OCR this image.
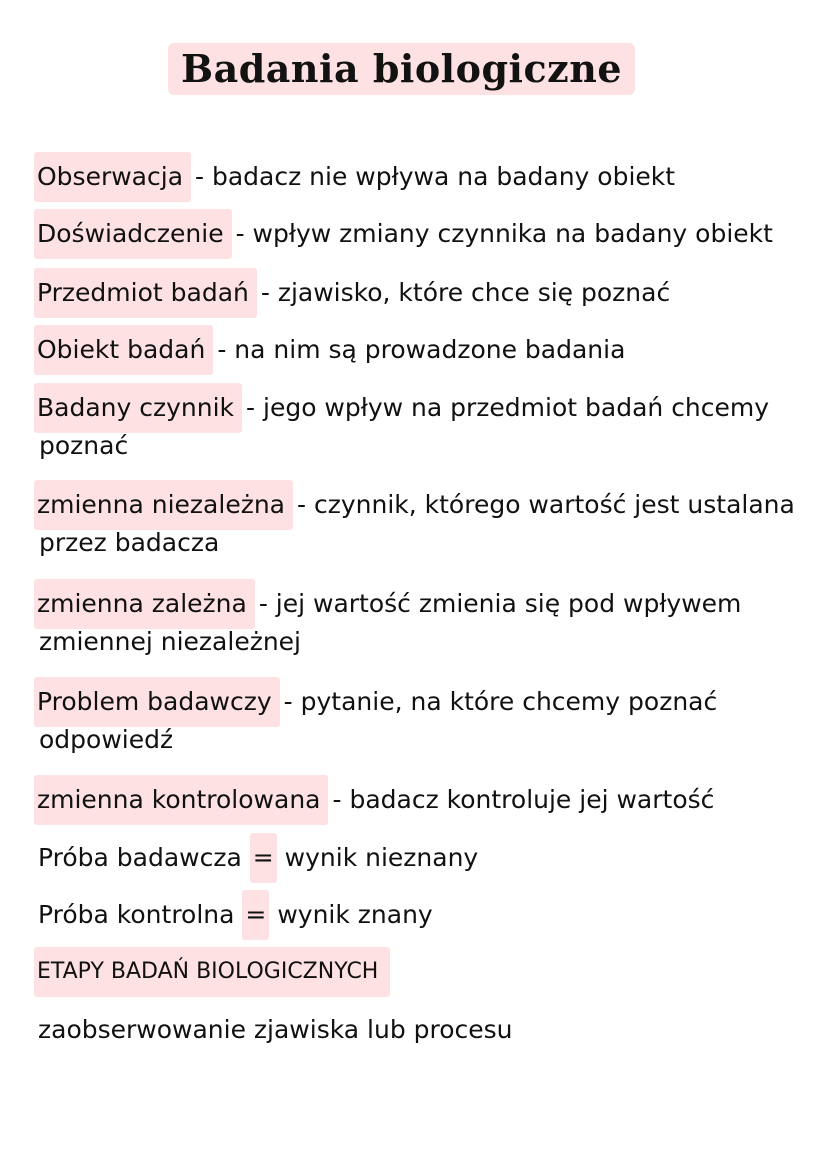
Badania biologiczne
Obserwacja - badacz nie wpływa na badany obiekt
Doświadczenie - wpływ zmiany czynnika na badany obiekt
Przedmiot badań - zjawisko, które chce się poznać
Obiekt badań - na nim są prowadzone badania
Badany czynnik - jego wpływ na przedmiot badań chcemy
poznać
zmienna niezależna - czynnik, którego wartość jest ustalana
przez badacza
zmienna zależna - jej wartość zmienia się pod wpływem
zmiennej niezależnej
Problem badawczy - pytanie, na które chcemy poznać
odpowiedź
zmienna kontrolowana - badacz kontroluje jej wartość
Próba badawcza = wynik nieznany
Próba kontrolna = wynik znany
ETAPY BADAŃ BIOLOGICZNYCH
zaobserwowanie zjawiska lub procesu
